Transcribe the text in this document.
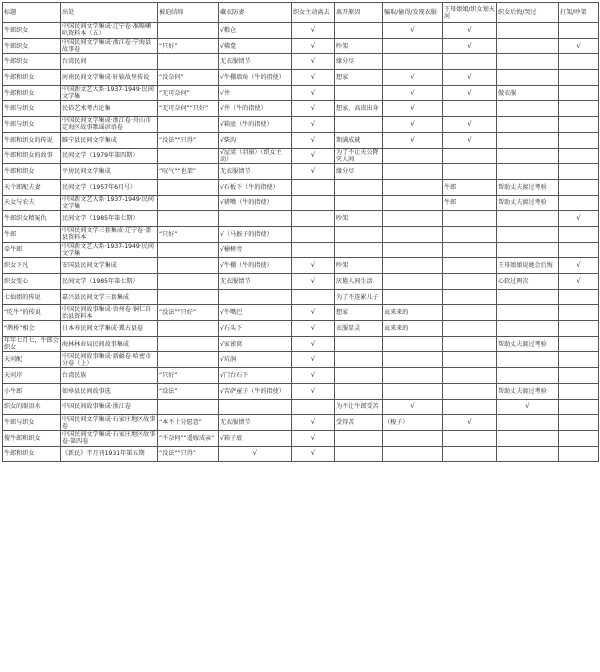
标题	出处	被迫结缔	藏衣防妻	织女主动离去	离开原因	骗取/偷得/发现衣服	王母娘娘/织女划天河	织女后悔/哭过	打架/吵架
牛郎织女	中国民间文学集成·辽宁卷·准略喇叭资料本（五）		√粮仓	√		√	√		
牛郎织女	中国民间文学集成·浙江卷·宁海县故事卷	“只好”	√佛龛	√	吵架		√		√
牛郎织女	台湾民间		无衣服情节	√	缘分尽				
牛郎和织女	河南民间文学集成·轩辕故里传说	“没奈何”	√牛棚墙角（牛的指使）	√	想家	√	√		
牛郎和织女	中国新文艺大系·1937-1949·民间文学集	“无可奈何”	√井	√		√	√	傲衣服	
牛郎与织女	民俗艺术考古论集	“无可奈何”“只好”	√井（牛的指使）	√	想家，高贵出身	√			
牛郎与织女	中国民间文学集成·浙江卷·舟山市定海区故事歌谣谚语卷		√箱底（牛的指使）	√		√	√		
牛郎和织女的传说	睢宁县民间文学集成	“没法”“只得”	√柴沟	√	期满成就	√	√		
牛郎和织女的故事	民间文学（1979年第四期）		√屋梁（羽扇）（织女主动）	√	为了不让天公降灾人间				
牛郎和织女	平房民间文学集成	“叹气”“也架”	无衣服情节	√	缘分尽				
天个郎配夫妻	民间文学（1957年6月号）		√石板下（牛的指使）				牛郎	帮助丈夫渡过考验	
天女与农夫	中国新文艺大系·1937-1949·民间文学集		√猪嘴（牛的指使）				牛郎	帮助丈夫渡过考验	
牛郎织女精冤仇	民间文学（1985年第七期）				吵架				√
牛郎	中国民间文学三套集成·辽宁卷·盖县资料本	“只好”	√（马猴子的指使）						
牵牛郎	中国新文艺大系·1937-1949·民间文学集		√榆树旁						
织女下凡	安国县民间文学集成		√牛棚（牛的指使）	√	吵架			王母娘娘说她会后悔	√
织女变心	民间文学（1985年第七期）		无衣服情节	√	厌倦人间生活			心软过两次	√
七仙姐的传说	嘉兴县民间文学三套集成				为了不连累儿子				
“吃牛”的传说	中国民间故事集成·贵州卷·铜仁自治县资料本	“没法”“只好”	√牛嘴巴	√	想家	哀来来的			
“鹊桥”相会	日本寿民间文学集成·冀占县卷		√石头下	√	衣服显灵	哀来来的			
年年七月七，牛郎会织女	海林林业局民间故事集成		√家雀窝	√				帮助丈夫渡过考验	
天河配	中国民间故事集成·新疆卷·哈密市分卷（上）		√坑洞	√					
天河岸	台湾民族	“只好”	√门台石下	√					
小牛郎	如皋县民间故事选	“没法”	√苦萨童子（牛的指使）	√				帮助丈夫渡过考验	
织女的眼泪水	中国民间故事集成·浙江卷				为不让牛郎受苦	√		√	
牛郎与织女	中国民间文学集成·石家庄地区故事卷	“本不十分愿意”	无衣服情节	√	受得苦	（梭子）	√		
傻牛郎和织女	中国民间文学集成·石家庄地区故事卷·第四卷	“不奈何”“遥嫁成亲”	√箱子底	√					
牛郎和织女	《新民》半月刊1931年第五期	“没法”“只得”	√	√					
